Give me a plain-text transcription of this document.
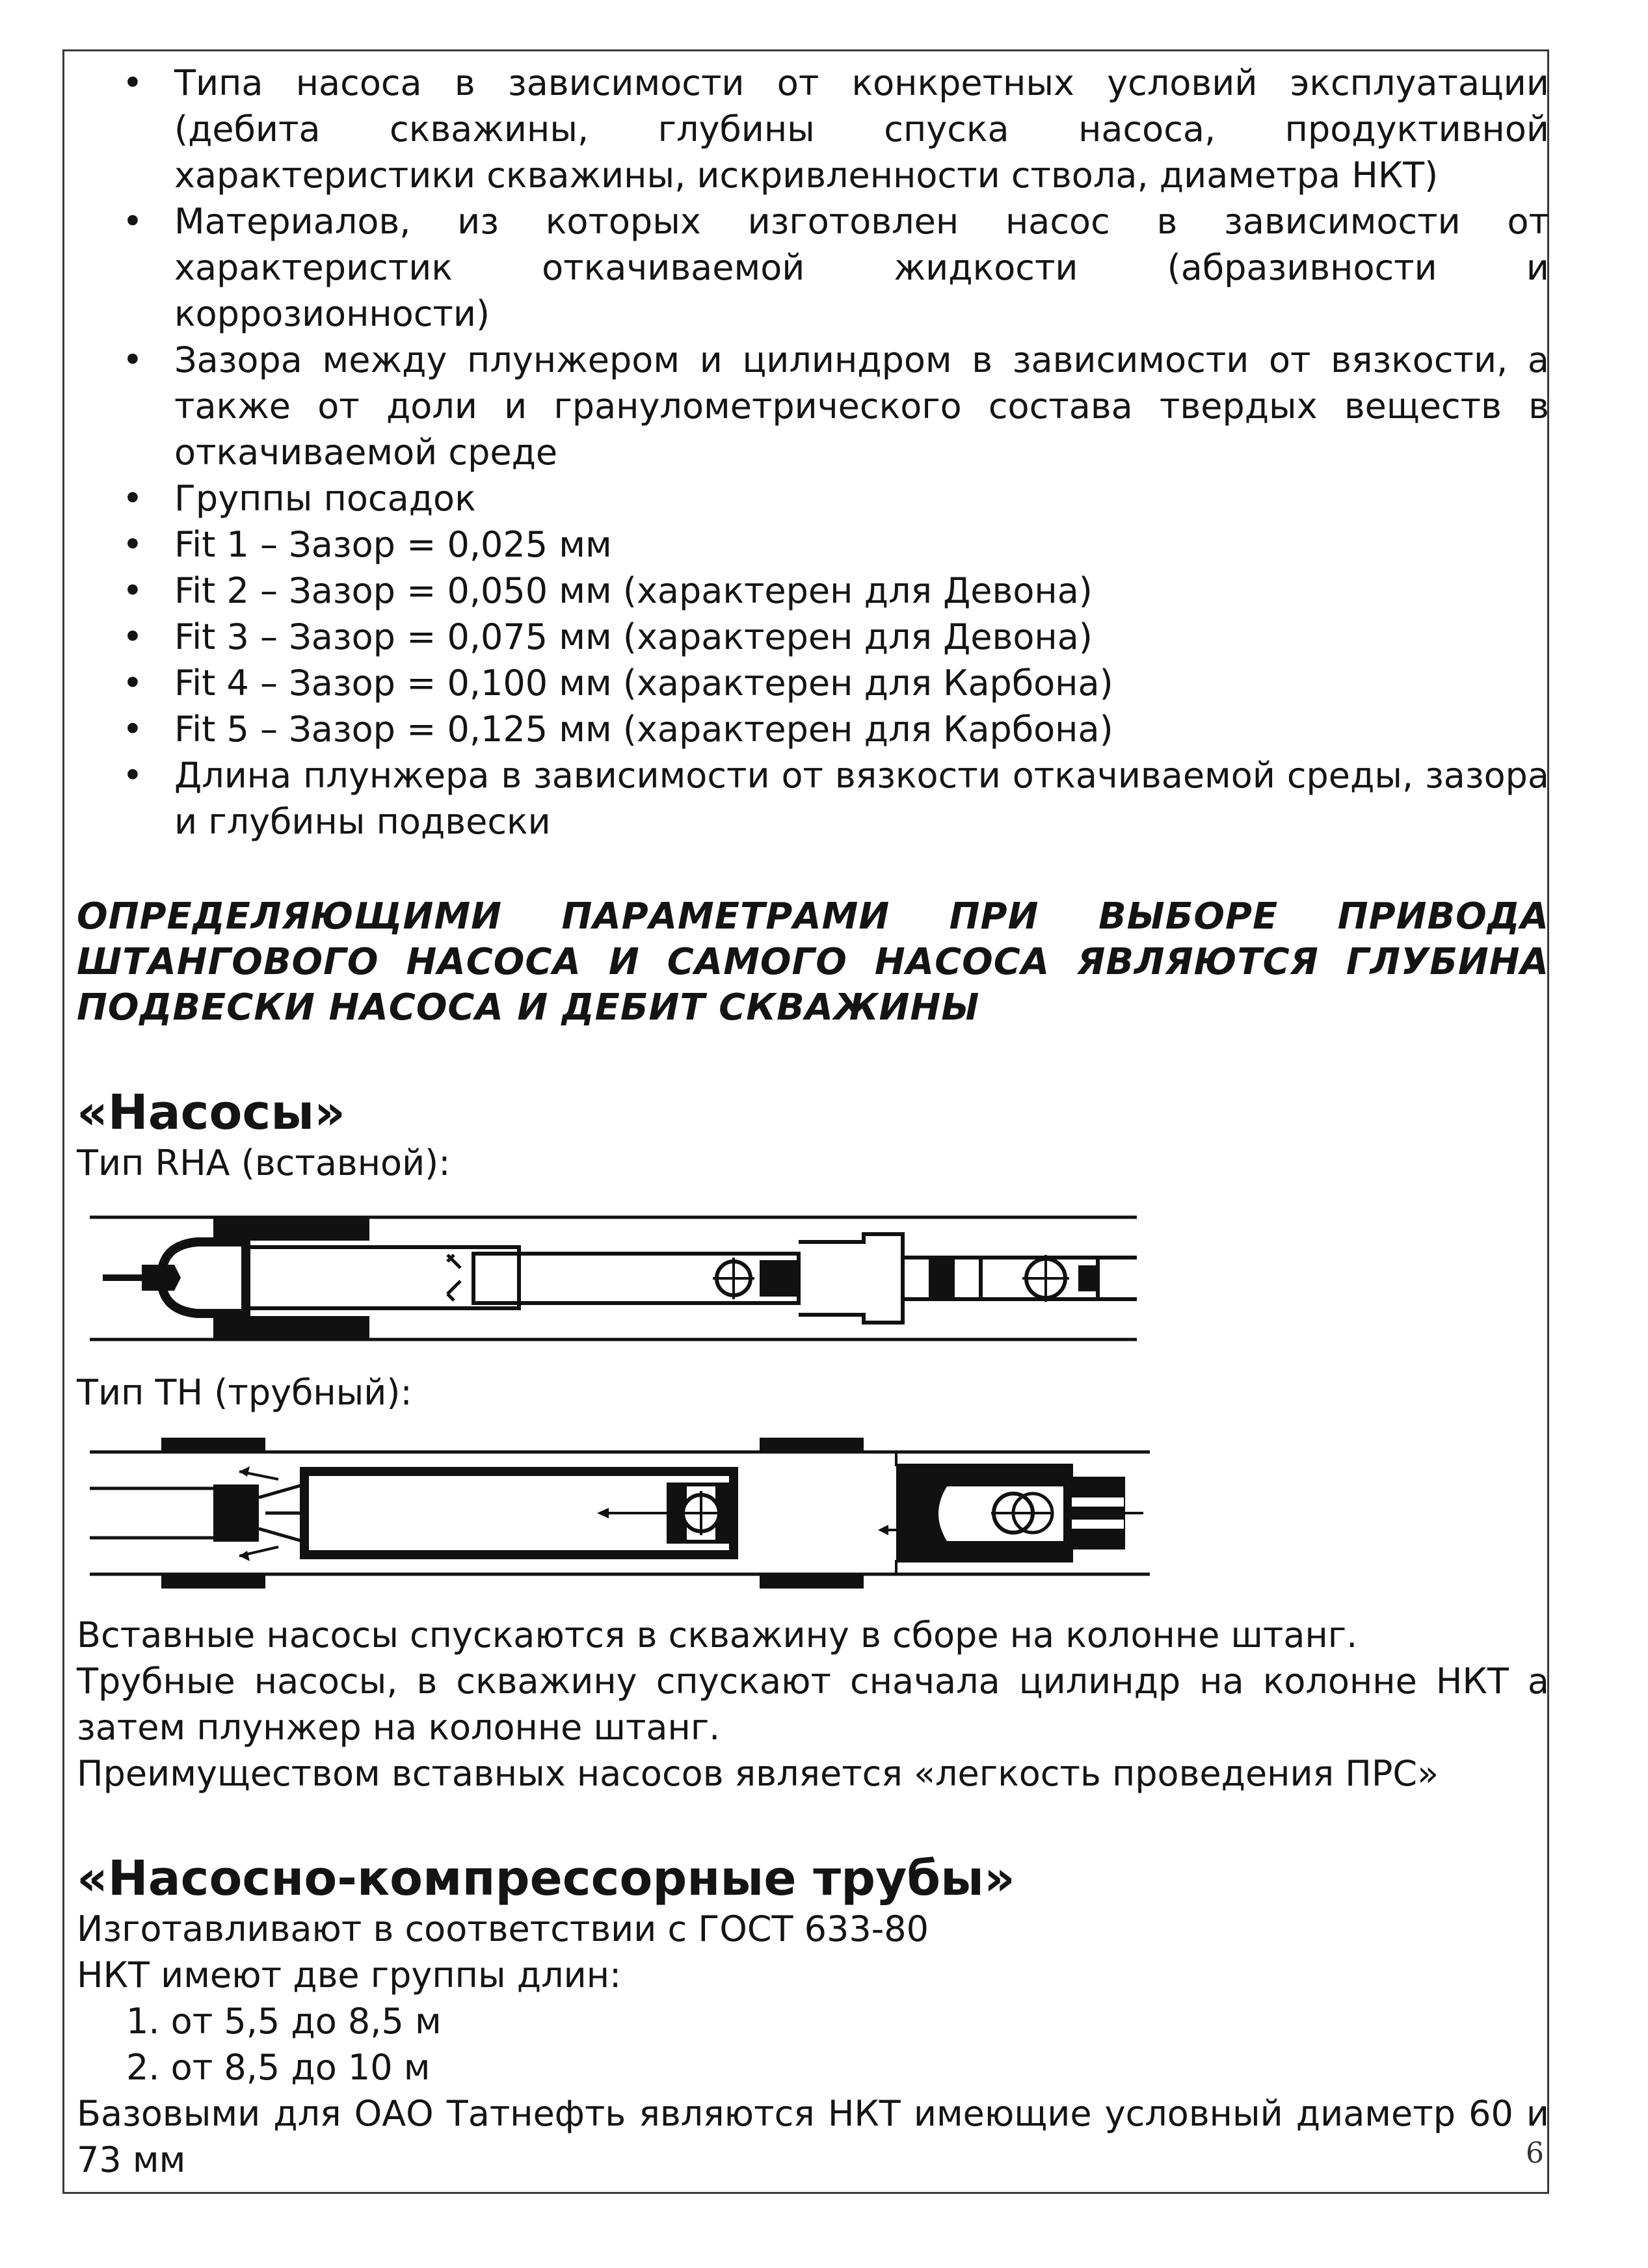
• Типа насоса в зависимости от конкретных условий эксплуатации (дебита скважины, глубины спуска насоса, продуктивной характеристики скважины, искривленности ствола, диаметра НКТ)
• Материалов, из которых изготовлен насос в зависимости от характеристик откачиваемой жидкости (абразивности и коррозионности)
• Зазора между плунжером и цилиндром в зависимости от вязкости, а также от доли и гранулометрического состава твердых веществ в откачиваемой среде
• Группы посадок
• Fit 1 – Зазор = 0,025 мм
• Fit 2 – Зазор = 0,050 мм (характерен для Девона)
• Fit 3 – Зазор = 0,075 мм (характерен для Девона)
• Fit 4 – Зазор = 0,100 мм (характерен для Карбона)
• Fit 5 – Зазор = 0,125 мм (характерен для Карбона)
• Длина плунжера в зависимости от вязкости откачиваемой среды, зазора и глубины подвески
ОПРЕДЕЛЯЮЩИМИ ПАРАМЕТРАМИ ПРИ ВЫБОРЕ ПРИВОДА
ШТАНГОВОГО НАСОСА И САМОГО НАСОСА ЯВЛЯЮТСЯ ГЛУБИНА
ПОДВЕСКИ НАСОСА И ДЕБИТ СКВАЖИНЫ
«Насосы»

Тип RHA (вставной):

Тип TH (трубный):

Вставные насосы спускаются в скважину в сборе на колонне штанг.

Трубные насосы, в скважину спускают сначала цилиндр на колонне НКТ а затем плунжер на колонне штанг.

Преимуществом вставных насосов является «легкость проведения ПРС»

«Насосно-компрессорные трубы»

Изготавливают в соответствии с ГОСТ 633-80

НКТ имеют две группы длин:

1. от 5,5 до 8,5 м
2. от 8,5 до 10 м

Базовыми для ОАО Татнефть являются НКТ имеющие условный диаметр 60 и 73 мм	6
